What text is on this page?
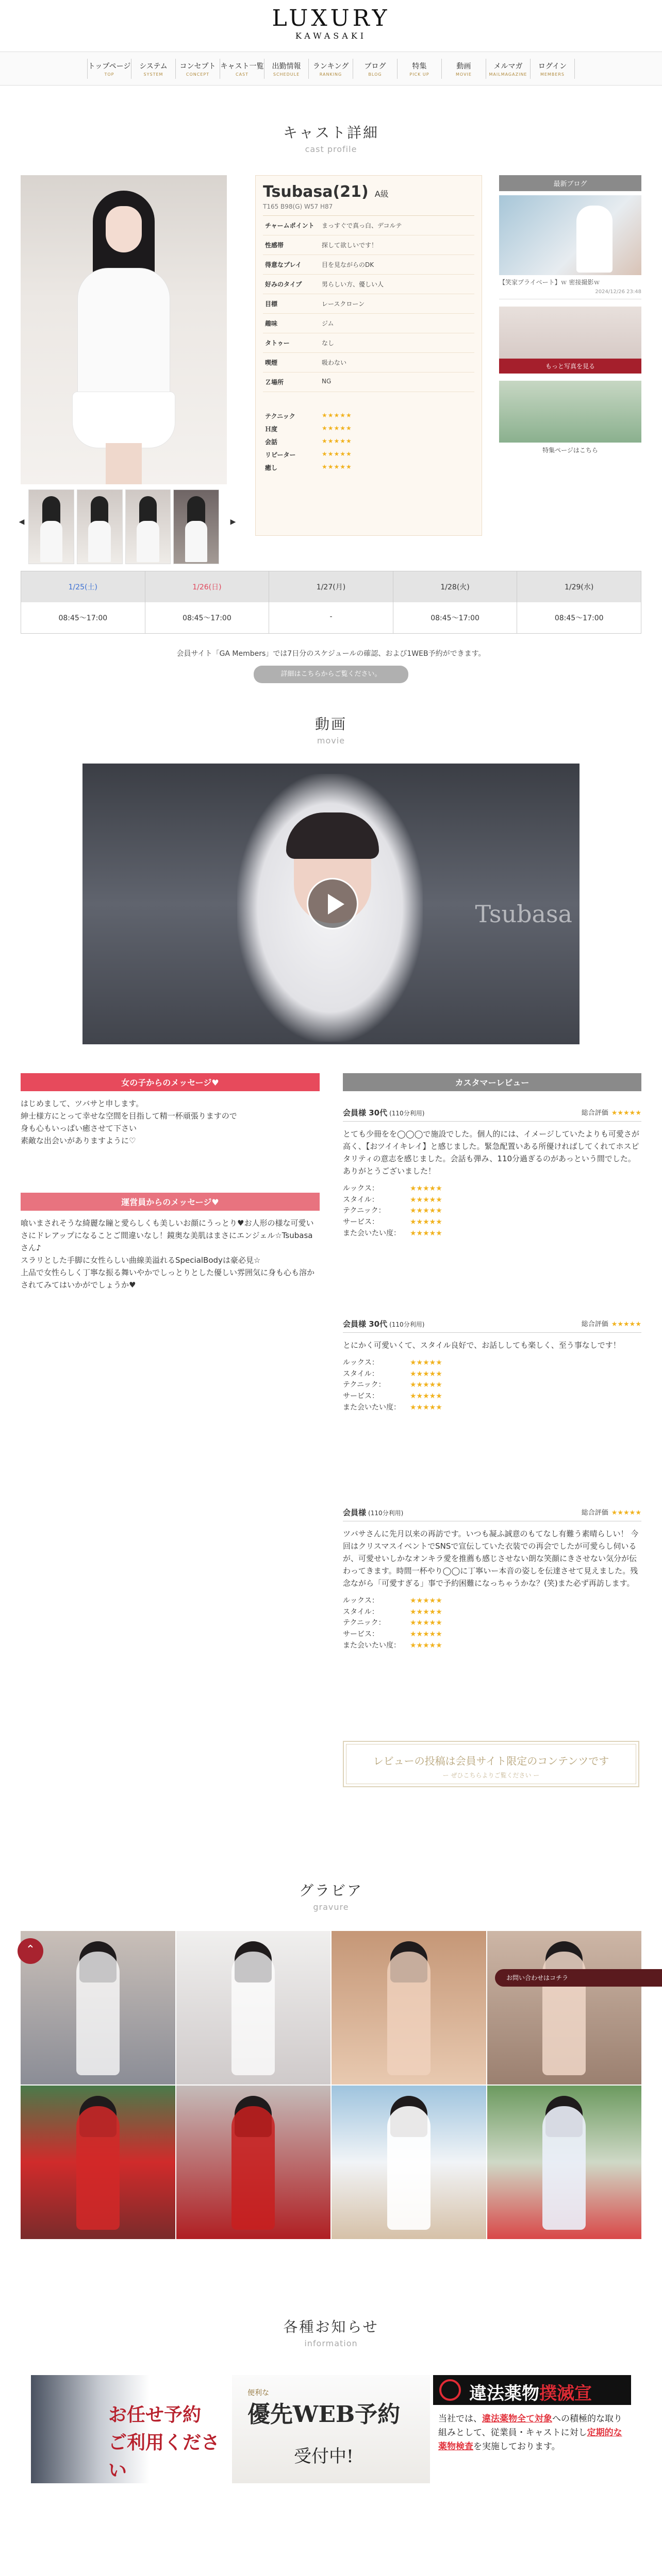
LUXURY
KAWASAKI
トップページ
TOP
システム
SYSTEM
コンセプト
CONCEPT
キャスト一覧
CAST
出勤情報
SCHEDULE
ランキング
RANKING
ブログ
BLOG
特集
PICK UP
動画
MOVIE
メルマガ
MAILMAGAZINE
ログイン
MEMBERS
キャスト詳細
cast profile
◀	▶
Tsubasa(21) A級
T165 B98(G) W57 H87
チャームポイント	まっすぐで真っ白、デコルテ
性感帯	探して欲しいです！
得意なプレイ	目を見ながらのDK
好みのタイプ	男らしい方、優しい人
目標	レースクローン
趣味	ジム
タトゥー	なし
喫煙	吸わない
Ｚ場所	NG
テクニック	★★★★★
Ｈ度	★★★★★
会話	★★★★★
リピーター	★★★★★
癒し	★★★★★
最新ブログ
【笑家プライベート】ｗ 密接撮影ｗ
2024/12/26 23:48
もっと写真を見る
特集ページはこちら
1/25(土)	1/26(日)	1/27(月)	1/28(火)	1/29(水)
08:45〜17:00	08:45〜17:00	-	08:45〜17:00	08:45〜17:00
会員サイト「GA Members」では7日分のスケジュールの確認、および1WEB予約ができます。
詳細はこちらからご覧ください。
動画
movie
Tsubasa
女の子からのメッセージ♥
はじめまして、ツバサと申します。
紳士様方にとって幸せな空間を目指して精一杯頑張りますので
身も心もいっぱい癒させて下さい
素敵な出会いがありますように♡
運営員からのメッセージ♥
喰いまされそうな綺麗な瞳と愛らしくも美しいお顔にうっとり♥お人形の様な可愛いさにドレアップになることご間違いなし！鏡奥な美肌はまさにエンジェル☆Tsubasaさん♪
スラリとした手脚に女性らしい曲線美溢れるSpecialBodyは豪必見☆
上品で女性らしく丁寧な振る舞いやかでしっとりとした優しい雰囲気に身も心も溶かされてみてはいかがでしょうか♥
カスタマーレビュー
会員様 30代 (110分利用)	総合評価 ★★★★★
とても少冊をを◯◯◯で施設でした。個人的には、イメージしていたよりも可愛さが高く、【おツイイキレイ】と感じました。緊急配置いある所優ければしてくれてホスピタリティの意志を感じました。会話も弾み、110分過ぎるのがあっという間でした。ありがとうございました！
ルックス：	★★★★★
スタイル：	★★★★★
テクニック：	★★★★★
サービス：	★★★★★
また会いたい度：	★★★★★
会員様 30代 (110分利用)	総合評価 ★★★★★
とにかく可愛いくて、スタイル良好で、お話ししても楽しく、至う事なしです！
ルックス：	★★★★★
スタイル：	★★★★★
テクニック：	★★★★★
サービス：	★★★★★
また会いたい度：	★★★★★
会員様 (110分利用)	総合評価 ★★★★★
ツバサさんに先月以来の再訪です。いつも凝ふ誠意のもてなし有難う素晴らしい！ 今回はクリスマスイベントでSNSで宣伝していた衣装での再会でしたが可愛らし伺いるが、可愛せいしかなオンキラ愛を推薦も感じさせない朗な笑顔にきさせない気分が伝わってきます。時間一杯やり◯◯に丁寧いー本音の姿しを伝達させて見えました。残念ながら「可愛すぎる」事で予約困難になっちゃうかな？(笑)また必ず再訪します。
ルックス：	★★★★★
スタイル：	★★★★★
テクニック：	★★★★★
サービス：	★★★★★
また会いたい度：	★★★★★
レビューの投稿は会員サイト限定のコンテンツです
ー ぜひこちらよりご覧ください ー
グラビア
gravure
⌃
お問い合わせはコチラ
各種お知らせ
information
お任せ予約
ご利用ください
便利な
優先WEB予約
受付中!
違法薬物撲滅宣
当社では、違法薬物全て対象への積極的な取り組みとして、従業員・キャストに対し定期的な薬物検査を実施しております。
